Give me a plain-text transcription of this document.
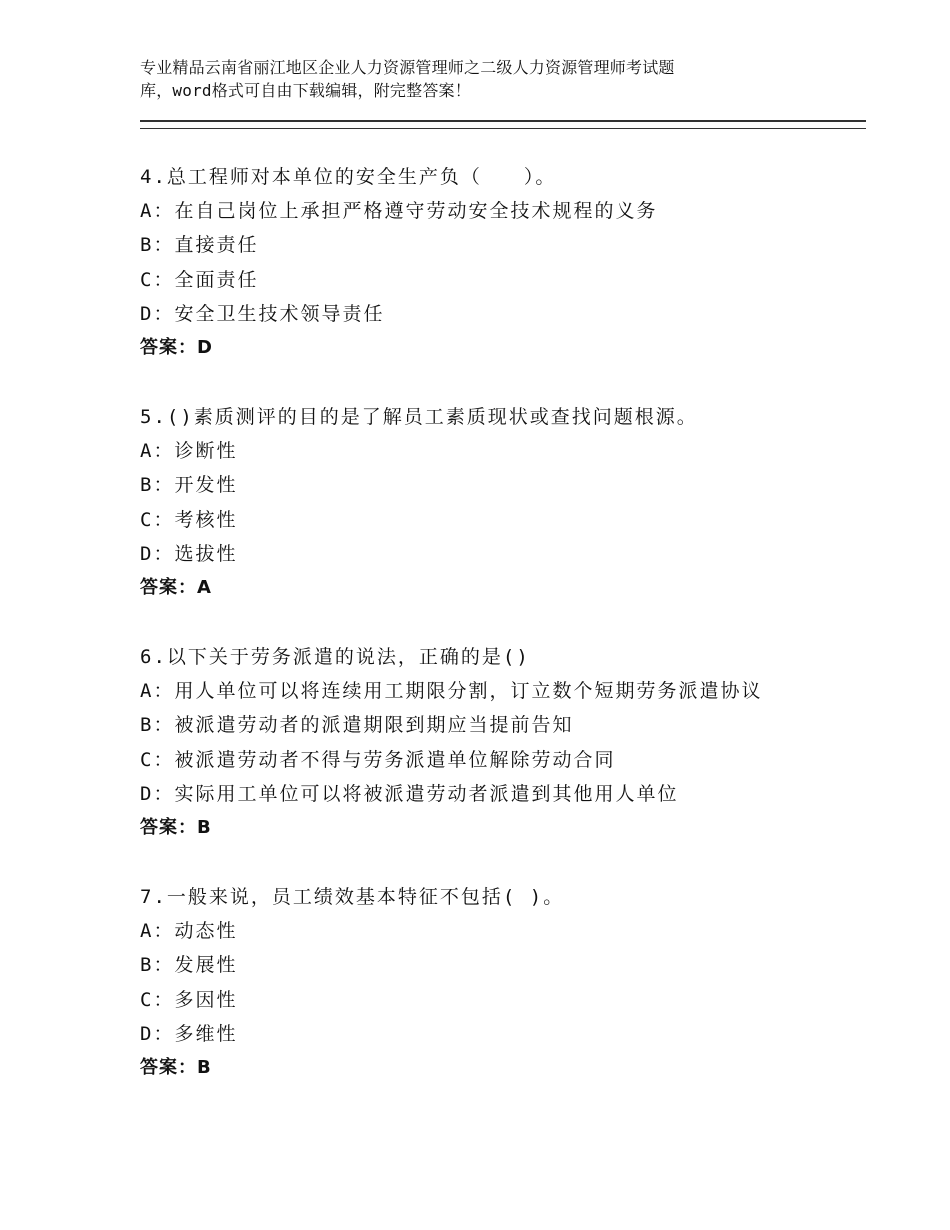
专业精品云南省丽江地区企业人力资源管理师之二级人力资源管理师考试题
库，word格式可自由下载编辑，附完整答案！
4.总工程师对本单位的安全生产负（　　）。
A：在自己岗位上承担严格遵守劳动安全技术规程的义务
B：直接责任
C：全面责任
D：安全卫生技术领导责任
答案：D
5.()素质测评的目的是了解员工素质现状或查找问题根源。
A：诊断性
B：开发性
C：考核性
D：选拔性
答案：A
6.以下关于劳务派遣的说法，正确的是()
A：用人单位可以将连续用工期限分割，订立数个短期劳务派遣协议
B：被派遣劳动者的派遣期限到期应当提前告知
C：被派遣劳动者不得与劳务派遣单位解除劳动合同
D：实际用工单位可以将被派遣劳动者派遣到其他用人单位
答案：B
7.一般来说，员工绩效基本特征不包括( )。
A：动态性
B：发展性
C：多因性
D：多维性
答案：B
